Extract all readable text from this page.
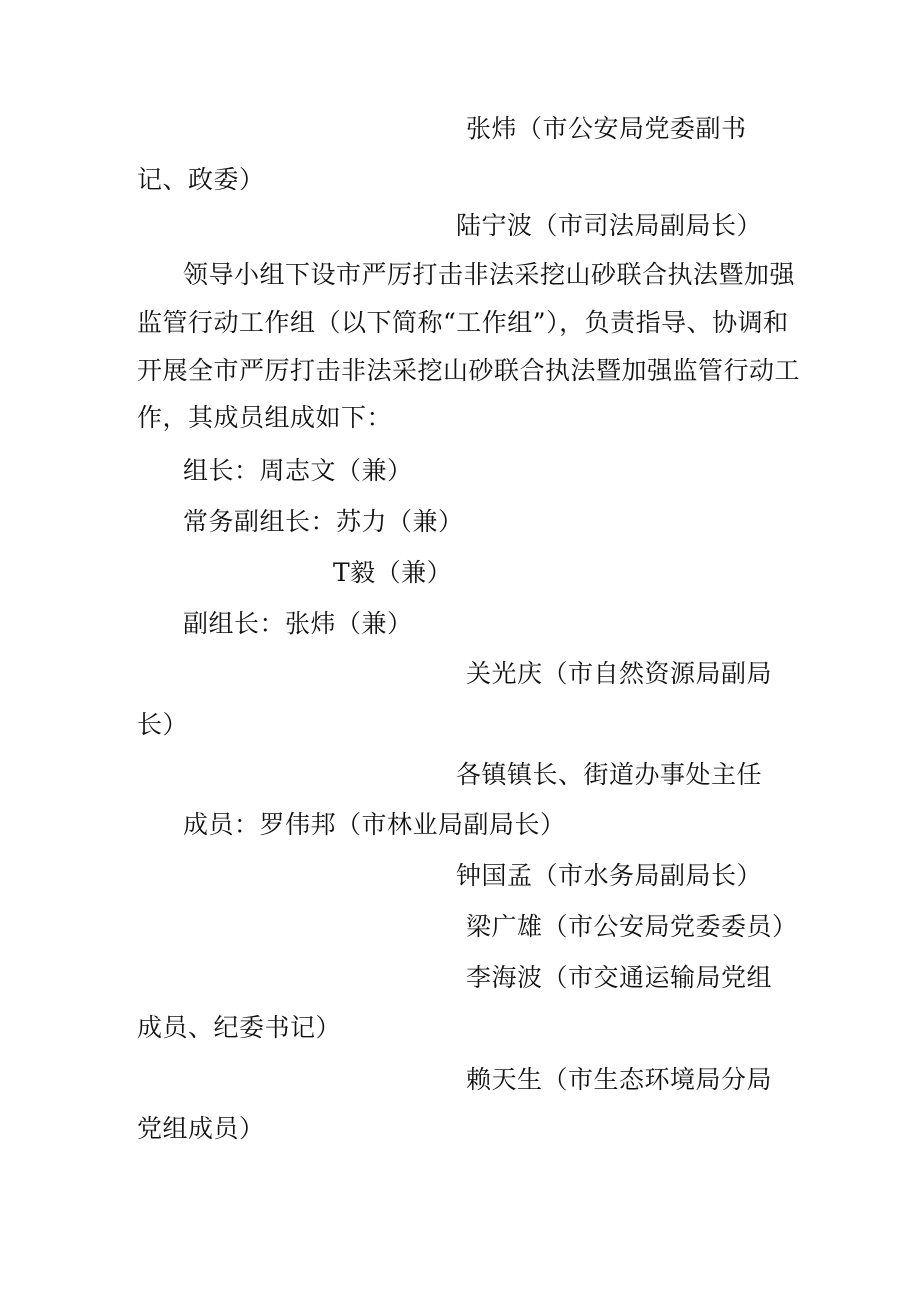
张炜（市公安局党委副书
记、政委）
陆宁波（市司法局副局长）
领导小组下设市严厉打击非法采挖山砂联合执法暨加强
监管行动工作组（以下简称“工作组”），负责指导、协调和
开展全市严厉打击非法采挖山砂联合执法暨加强监管行动工
作，其成员组成如下：
组长：周志文（兼）
常务副组长：苏力（兼）
T毅（兼）
副组长：张炜（兼）
关光庆（市自然资源局副局
长）
各镇镇长、街道办事处主任
成员：罗伟邦（市林业局副局长）
钟国孟（市水务局副局长）
梁广雄（市公安局党委委员）
李海波（市交通运输局党组
成员、纪委书记）
赖天生（市生态环境局分局
党组成员）
